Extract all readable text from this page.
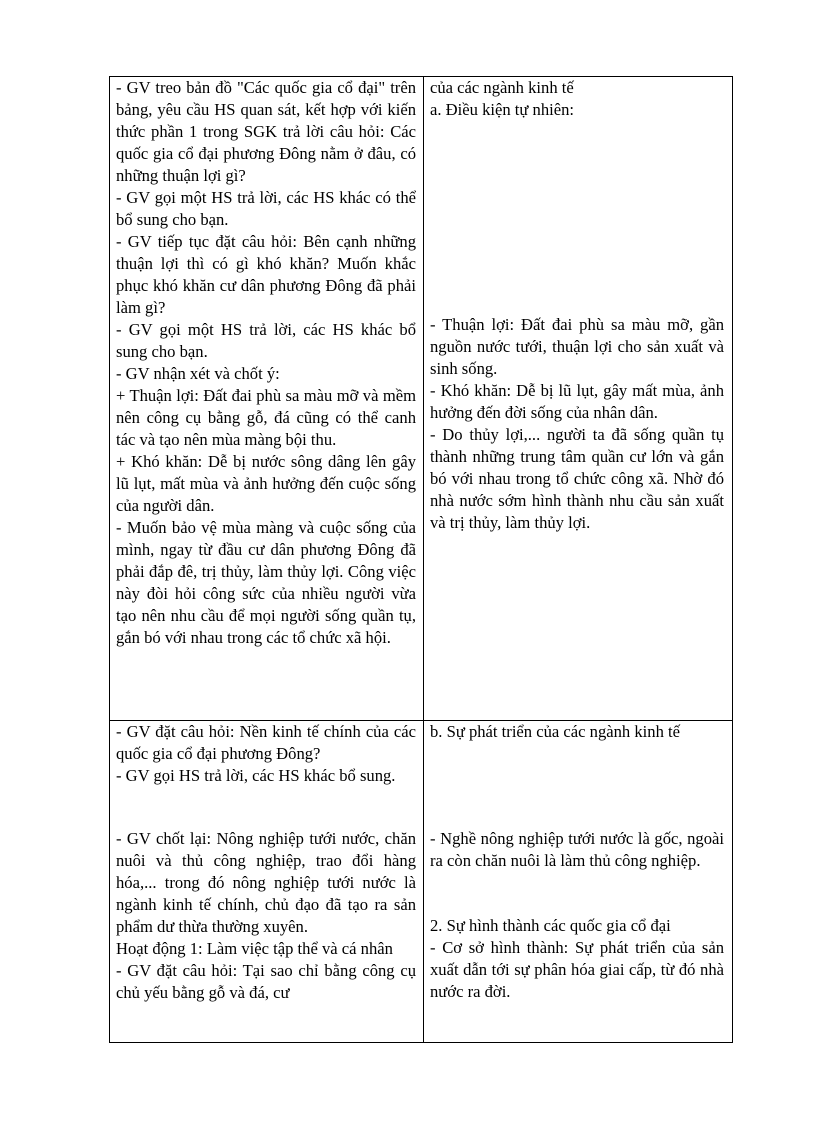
- GV treo bản đồ "Các quốc gia cổ đại" trên bảng, yêu cầu HS quan sát, kết hợp với kiến thức phần 1 trong SGK trả lời câu hỏi: Các quốc gia cổ đại phương Đông nằm ở đâu, có những thuận lợi gì?

- GV gọi một HS trả lời, các HS khác có thể bổ sung cho bạn.

- GV tiếp tục đặt câu hỏi: Bên cạnh những thuận lợi thì có gì khó khăn? Muốn khắc phục khó khăn cư dân phương Đông đã phải làm gì?

- GV gọi một HS trả lời, các HS khác bổ sung cho bạn.

- GV nhận xét và chốt ý:

+ Thuận lợi: Đất đai phù sa màu mỡ và mềm nên công cụ bằng gỗ, đá cũng có thể canh tác và tạo nên mùa màng bội thu.

+ Khó khăn: Dễ bị nước sông dâng lên gây lũ lụt, mất mùa và ảnh hưởng đến cuộc sống của người dân.

- Muốn bảo vệ mùa màng và cuộc sống của mình, ngay từ đầu cư dân phương Đông đã phải đắp đê, trị thủy, làm thủy lợi. Công việc này đòi hỏi công sức của nhiều người vừa tạo nên nhu cầu để mọi người sống quần tụ, gắn bó với nhau trong các tổ chức xã hội.

- GV đặt câu hỏi: Nền kinh tế chính của các quốc gia cổ đại phương Đông?

- GV gọi HS trả lời, các HS khác bổ sung.

- GV chốt lại: Nông nghiệp tưới nước, chăn nuôi và thủ công nghiệp, trao đổi hàng hóa,... trong đó nông nghiệp tưới nước là ngành kinh tế chính, chủ đạo đã tạo ra sản phẩm dư thừa thường xuyên.

Hoạt động 1: Làm việc tập thể và cá nhân

- GV đặt câu hỏi: Tại sao chỉ bằng công cụ chủ yếu bằng gỗ và đá, cư

của các ngành kinh tế

a. Điều kiện tự nhiên:

- Thuận lợi: Đất đai phù sa màu mỡ, gần nguồn nước tưới, thuận lợi cho sản xuất và sinh sống.

- Khó khăn: Dễ bị lũ lụt, gây mất mùa, ảnh hưởng đến đời sống của nhân dân.

- Do thủy lợi,... người ta đã sống quần tụ thành những trung tâm quần cư lớn và gắn bó với nhau trong tổ chức công xã. Nhờ đó nhà nước sớm hình thành nhu cầu sản xuất và trị thủy, làm thủy lợi.

b. Sự phát triển của các ngành kinh tế

- Nghề nông nghiệp tưới nước là gốc, ngoài ra còn chăn nuôi là làm thủ công nghiệp.

2. Sự hình thành các quốc gia cổ đại

- Cơ sở hình thành: Sự phát triển của sản xuất dẫn tới sự phân hóa giai cấp, từ đó nhà nước ra đời.
